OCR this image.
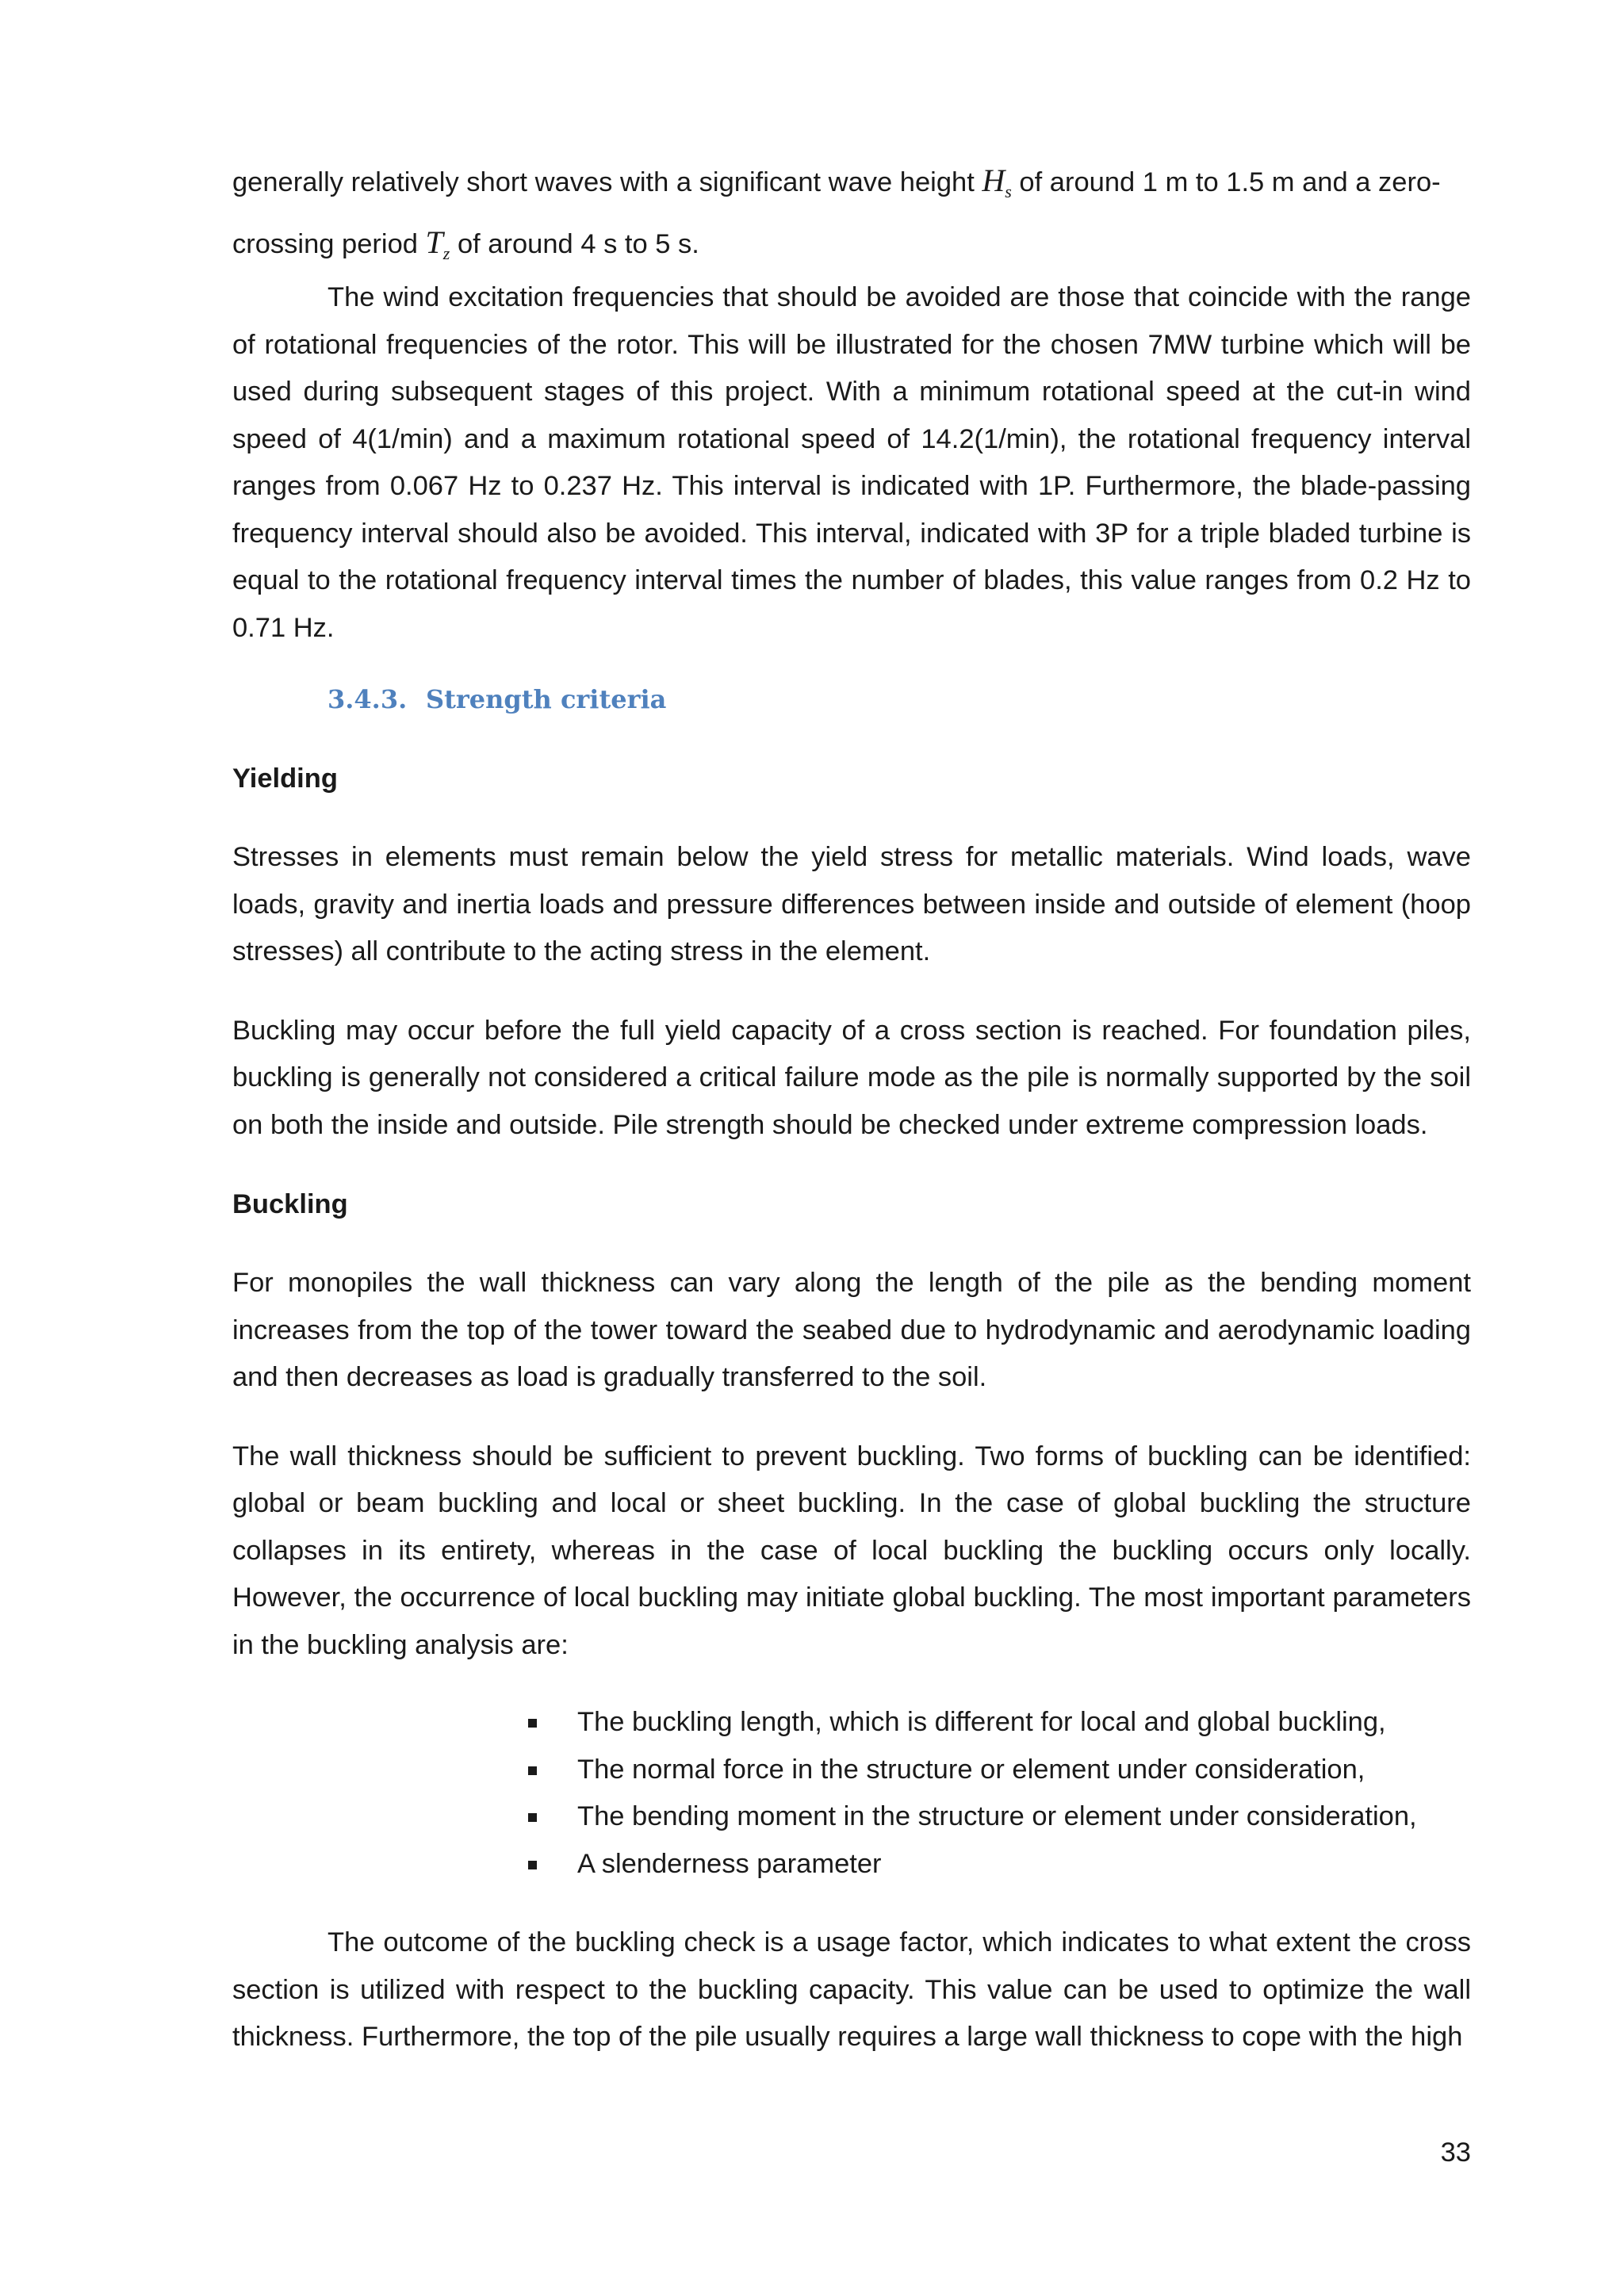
generally relatively short waves with a significant wave height $H_s$ of around 1 m to 1.5 m and a zero-

crossing period $T_z$ of around 4 s to 5 s.

The wind excitation frequencies that should be avoided are those that coincide with the range of rotational frequencies of the rotor. This will be illustrated for the chosen 7MW turbine which will be used during subsequent stages of this project. With a minimum rotational speed at the cut-in wind speed of 4(1/min) and a maximum rotational speed of 14.2(1/min), the rotational frequency interval ranges from 0.067 Hz to 0.237 Hz. This interval is indicated with 1P. Furthermore, the blade-passing frequency interval should also be avoided. This interval, indicated with 3P for a triple bladed turbine is equal to the rotational frequency interval times the number of blades, this value ranges from 0.2 Hz to 0.71 Hz.

3.4.3. Strength criteria
Yielding

Stresses in elements must remain below the yield stress for metallic materials. Wind loads, wave loads, gravity and inertia loads and pressure differences between inside and outside of element (hoop stresses) all contribute to the acting stress in the element.

Buckling may occur before the full yield capacity of a cross section is reached. For foundation piles, buckling is generally not considered a critical failure mode as the pile is normally supported by the soil on both the inside and outside. Pile strength should be checked under extreme compression loads.

Buckling

For monopiles the wall thickness can vary along the length of the pile as the bending moment increases from the top of the tower toward the seabed due to hydrodynamic and aerodynamic loading and then decreases as load is gradually transferred to the soil.

The wall thickness should be sufficient to prevent buckling. Two forms of buckling can be identified: global or beam buckling and local or sheet buckling. In the case of global buckling the structure collapses in its entirety, whereas in the case of local buckling the buckling occurs only locally. However, the occurrence of local buckling may initiate global buckling. The most important parameters in the buckling analysis are:

The buckling length, which is different for local and global buckling,
The normal force in the structure or element under consideration,
The bending moment in the structure or element under consideration,
A slenderness parameter

The outcome of the buckling check is a usage factor, which indicates to what extent the cross section is utilized with respect to the buckling capacity. This value can be used to optimize the wall thickness. Furthermore, the top of the pile usually requires a large wall thickness to cope with the high

33
